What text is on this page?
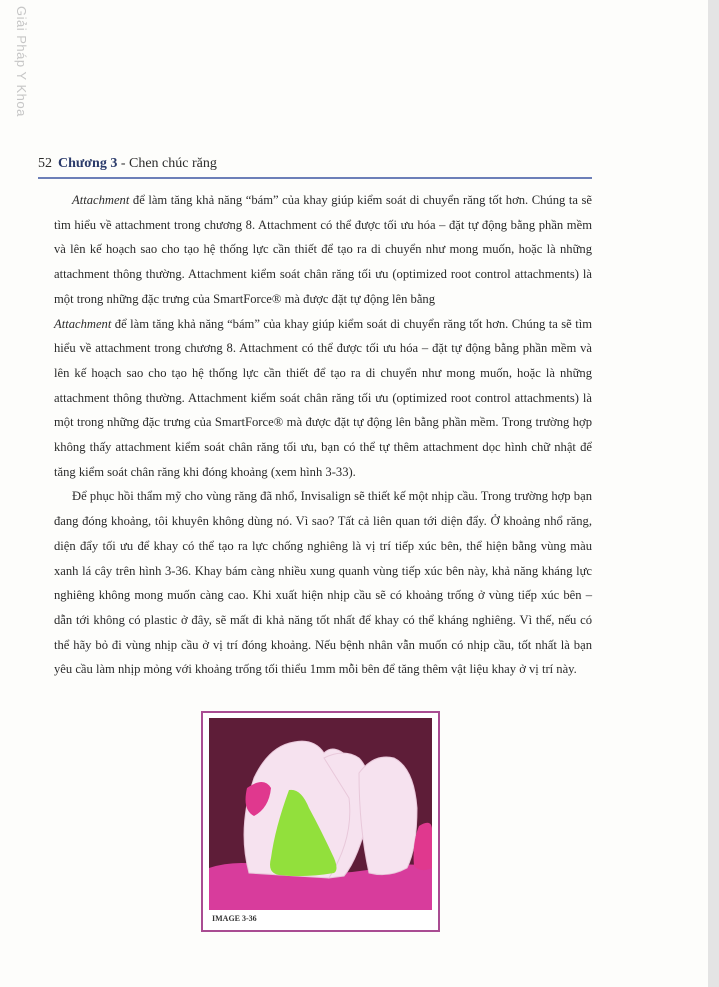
Giải Pháp Y Khoa
52 Chương 3 - Chen chúc răng

Attachment để làm tăng khả năng “bám” của khay giúp kiểm soát di chuyển răng tốt hơn. Chúng ta sẽ tìm hiểu về attachment trong chương 8. Attachment có thể được tối ưu hóa – đặt tự động bằng phần mềm và lên kế hoạch sao cho tạo hệ thống lực cần thiết để tạo ra di chuyển như mong muốn, hoặc là những attachment thông thường. Attachment kiểm soát chân răng tối ưu (optimized root control attachments) là một trong những đặc trưng của SmartForce® mà được đặt tự động lên bằng

Attachment để làm tăng khả năng “bám” của khay giúp kiểm soát di chuyển răng tốt hơn. Chúng ta sẽ tìm hiểu về attachment trong chương 8. Attachment có thể được tối ưu hóa – đặt tự động bằng phần mềm và lên kế hoạch sao cho tạo hệ thống lực cần thiết để tạo ra di chuyển như mong muốn, hoặc là những attachment thông thường. Attachment kiểm soát chân răng tối ưu (optimized root control attachments) là một trong những đặc trưng của SmartForce® mà được đặt tự động lên bằng phần mềm. Trong trường hợp không thấy attachment kiểm soát chân răng tối ưu, bạn có thể tự thêm attachment dọc hình chữ nhật để tăng kiểm soát chân răng khi đóng khoảng (xem hình 3-33).

Để phục hồi thẩm mỹ cho vùng răng đã nhổ, Invisalign sẽ thiết kế một nhịp cầu. Trong trường hợp bạn đang đóng khoảng, tôi khuyên không dùng nó. Vì sao? Tất cả liên quan tới diện đẩy. Ở khoảng nhổ răng, diện đẩy tối ưu để khay có thể tạo ra lực chống nghiêng là vị trí tiếp xúc bên, thể hiện bằng vùng màu xanh lá cây trên hình 3-36. Khay bám càng nhiều xung quanh vùng tiếp xúc bên này, khả năng kháng lực nghiêng không mong muốn càng cao. Khi xuất hiện nhịp cầu sẽ có khoảng trống ở vùng tiếp xúc bên – dẫn tới không có plastic ở đây, sẽ mất đi khả năng tốt nhất để khay có thể kháng nghiêng. Vì thế, nếu có thể hãy bỏ đi vùng nhịp cầu ở vị trí đóng khoảng. Nếu bệnh nhân vẫn muốn có nhịp cầu, tốt nhất là bạn yêu cầu làm nhịp mỏng với khoảng trống tối thiểu 1mm mỗi bên để tăng thêm vật liệu khay ở vị trí này.

IMAGE 3-36
